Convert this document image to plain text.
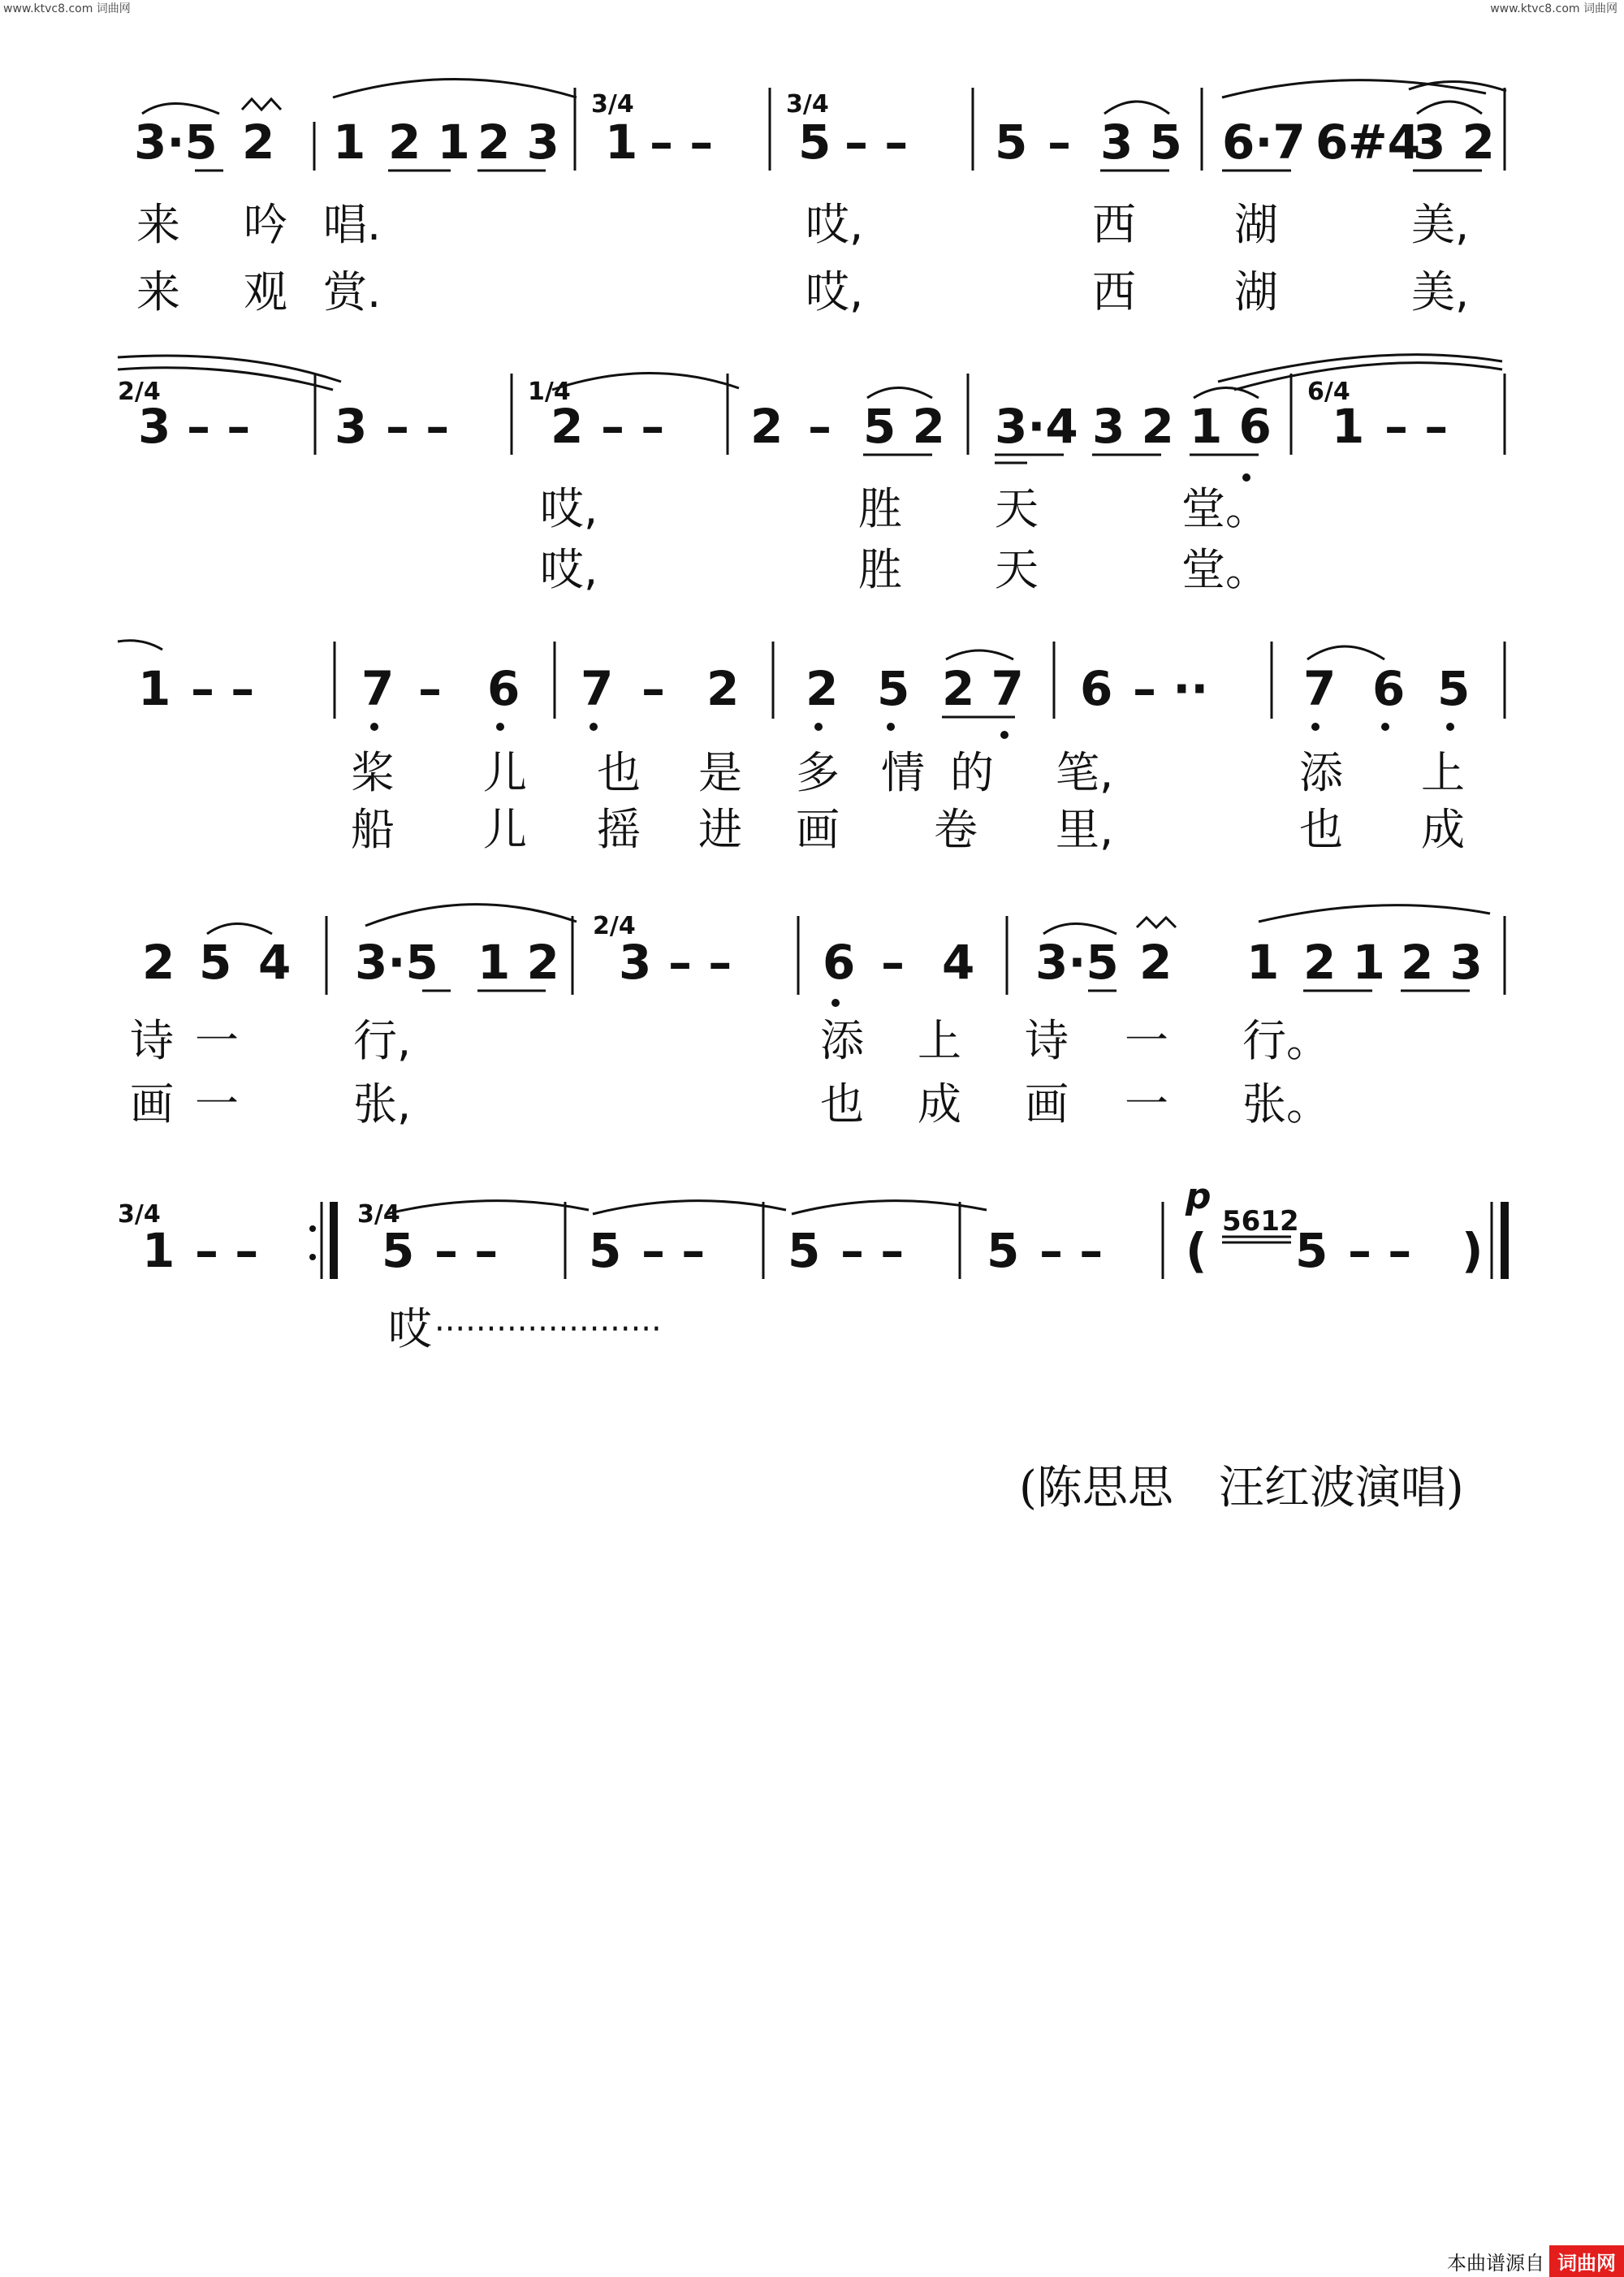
www.ktvc8.com 词曲网	www.ktvc8.com 词曲网
3·5 2 1 2 1 2 3 1 – – 5 – – 5 – 3 5 6·7 6 #4
3 2
3/4	3/4
来 吟 唱.	哎,	西 湖	美,
来 观 赏.	哎,	西 湖	美,
3 – – 3 – – 2 – – 2 – 5 2 3·4 3 2 1 6 1 – –
2/4	1/4	6/4
哎,	胜 天	堂。
哎,	胜 天	堂。
1 – – 7 – 6 7 – 2 2 5 2 7 6 – ·· 7 6 5
桨 儿 也 是 多 情 的 笔,	添 上
船 儿 摇 进 画 卷 里,	也 成
2 5 4 3·5 1 2 3 – – 6 – 4 3·5 2 1 2 1 2 3
2/4
诗 一	行,	添 上 诗 一 行。
画 一	张,	也 成 画 一 张。
1 – –	5 – – 5 – – 5 – – 5 – – ( 5 – – )
5612
p
3/4	3/4
哎 ······················
(陈思思　汪红波演唱)
本曲谱源自 词曲网
